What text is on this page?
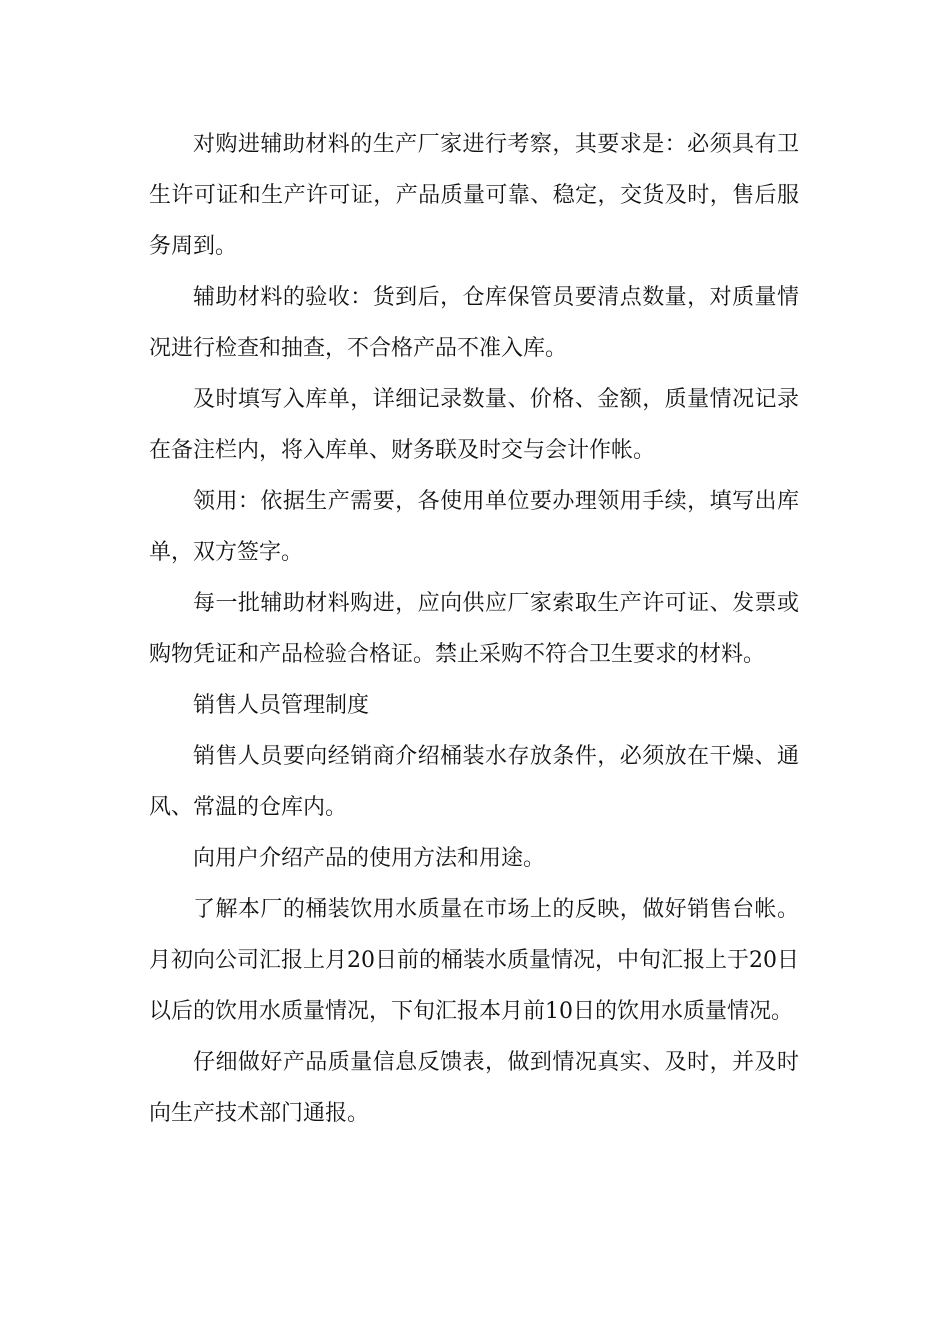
对购进辅助材料的生产厂家进行考察，其要求是：必须具有卫生许可证和生产许可证，产品质量可靠、稳定，交货及时，售后服务周到。

辅助材料的验收：货到后，仓库保管员要清点数量，对质量情况进行检查和抽查，不合格产品不准入库。

及时填写入库单，详细记录数量、价格、金额，质量情况记录在备注栏内，将入库单、财务联及时交与会计作帐。

领用：依据生产需要，各使用单位要办理领用手续，填写出库单，双方签字。

每一批辅助材料购进，应向供应厂家索取生产许可证、发票或购物凭证和产品检验合格证。禁止采购不符合卫生要求的材料。

销售人员管理制度

销售人员要向经销商介绍桶装水存放条件，必须放在干燥、通风、常温的仓库内。

向用户介绍产品的使用方法和用途。

了解本厂的桶装饮用水质量在市场上的反映，做好销售台帐。月初向公司汇报上月20日前的桶装水质量情况，中旬汇报上于20日以后的饮用水质量情况，下旬汇报本月前10日的饮用水质量情况。

仔细做好产品质量信息反馈表，做到情况真实、及时，并及时向生产技术部门通报。
